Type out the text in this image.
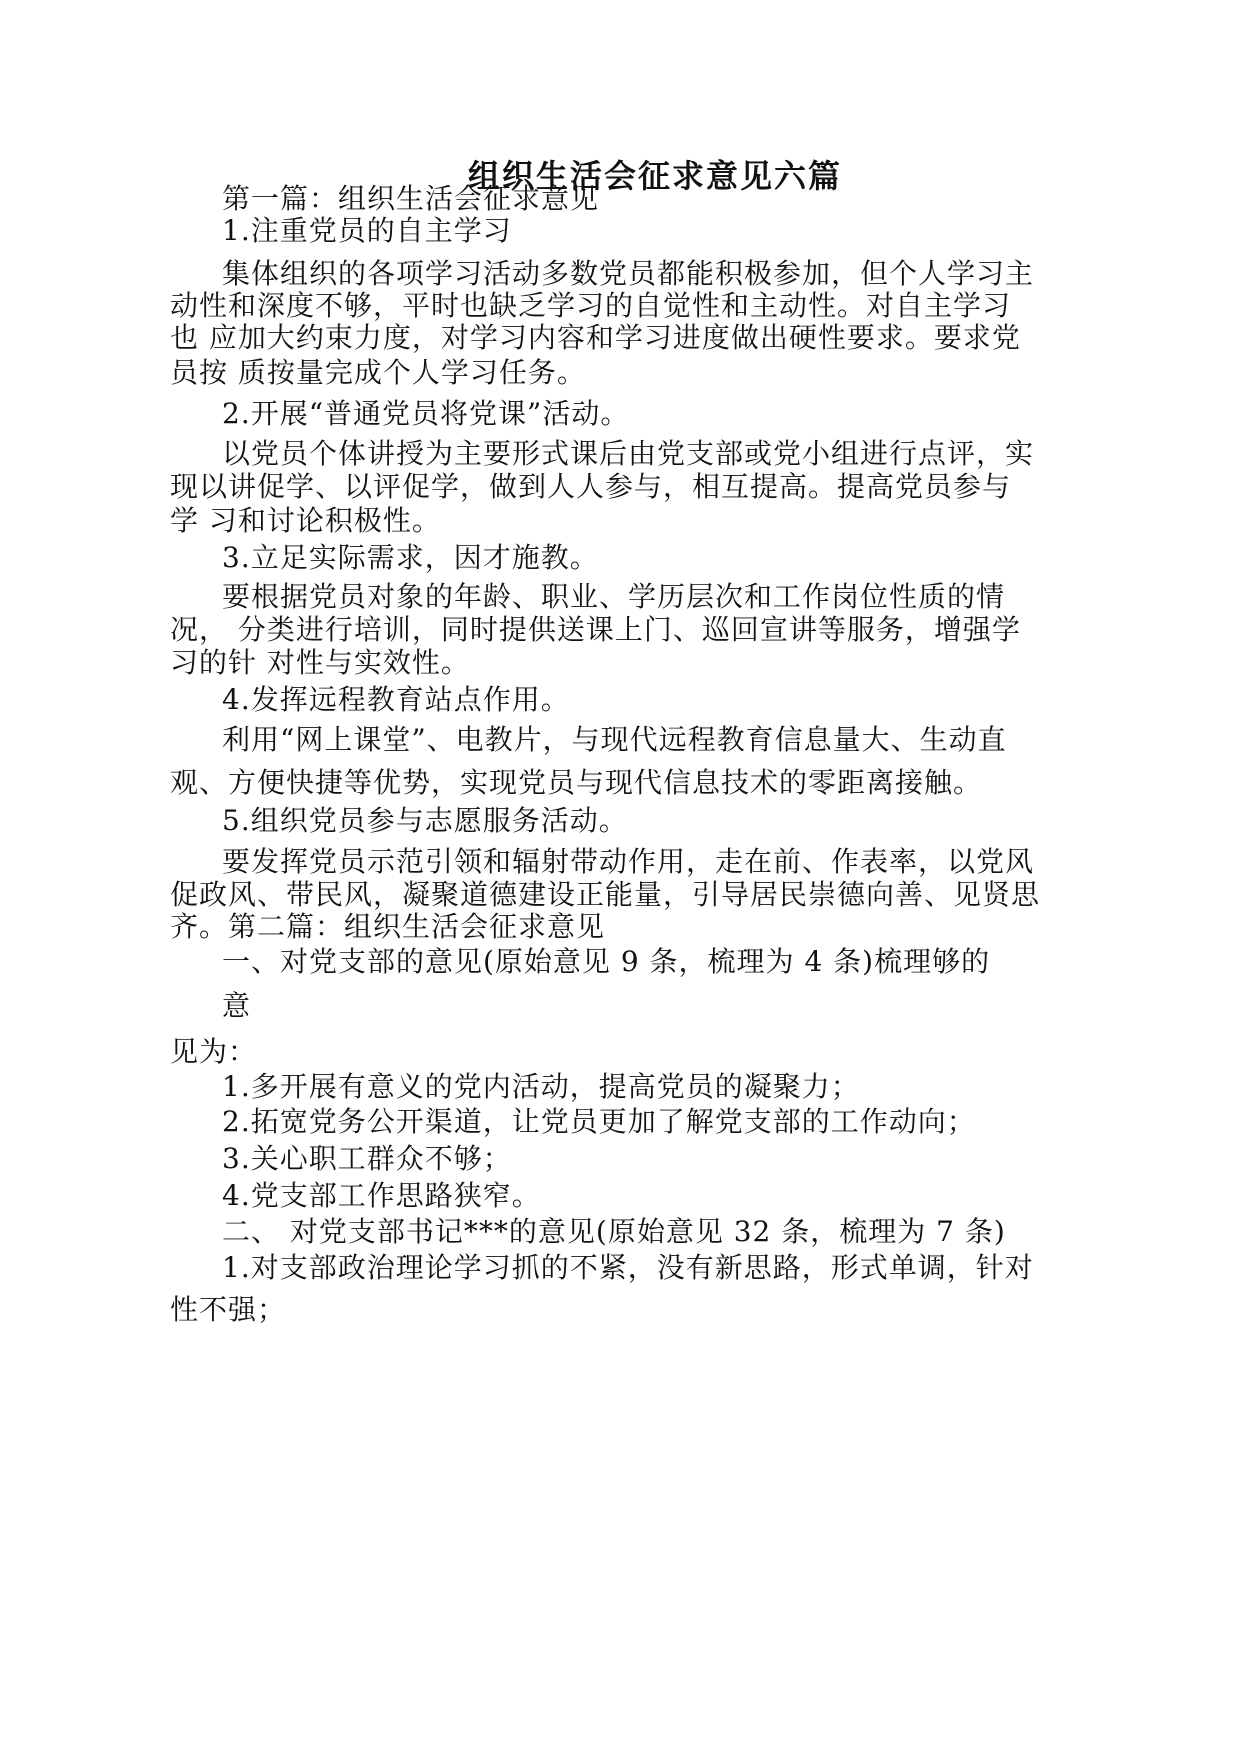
组织生活会征求意见六篇
第一篇：组织生活会征求意见
1.注重党员的自主学习
集体组织的各项学习活动多数党员都能积极参加，但个人学习主
动性和深度不够，平时也缺乏学习的自觉性和主动性。对自主学习
也 应加大约束力度，对学习内容和学习进度做出硬性要求。要求党
员按 质按量完成个人学习任务。
2.开展“普通党员将党课”活动。
以党员个体讲授为主要形式课后由党支部或党小组进行点评，实
现以讲促学、以评促学，做到人人参与，相互提高。提高党员参与
学 习和讨论积极性。
3.立足实际需求，因才施教。
要根据党员对象的年龄、职业、学历层次和工作岗位性质的情
况， 分类进行培训，同时提供送课上门、巡回宣讲等服务，增强学
习的针 对性与实效性。
4.发挥远程教育站点作用。
利用“网上课堂”、电教片，与现代远程教育信息量大、生动直
观、方便快捷等优势，实现党员与现代信息技术的零距离接触。
5.组织党员参与志愿服务活动。
要发挥党员示范引领和辐射带动作用，走在前、作表率，以党风
促政风、带民风，凝聚道德建设正能量，引导居民崇德向善、见贤思
齐。第二篇：组织生活会征求意见
一、对党支部的意见(原始意见 9 条，梳理为 4 条)梳理够的
意
见为：
1.多开展有意义的党内活动，提高党员的凝聚力；
2.拓宽党务公开渠道，让党员更加了解党支部的工作动向；
3.关心职工群众不够；
4.党支部工作思路狭窄。
二、 对党支部书记***的意见(原始意见 32 条，梳理为 7 条)
1.对支部政治理论学习抓的不紧，没有新思路，形式单调，针对
性不强；
